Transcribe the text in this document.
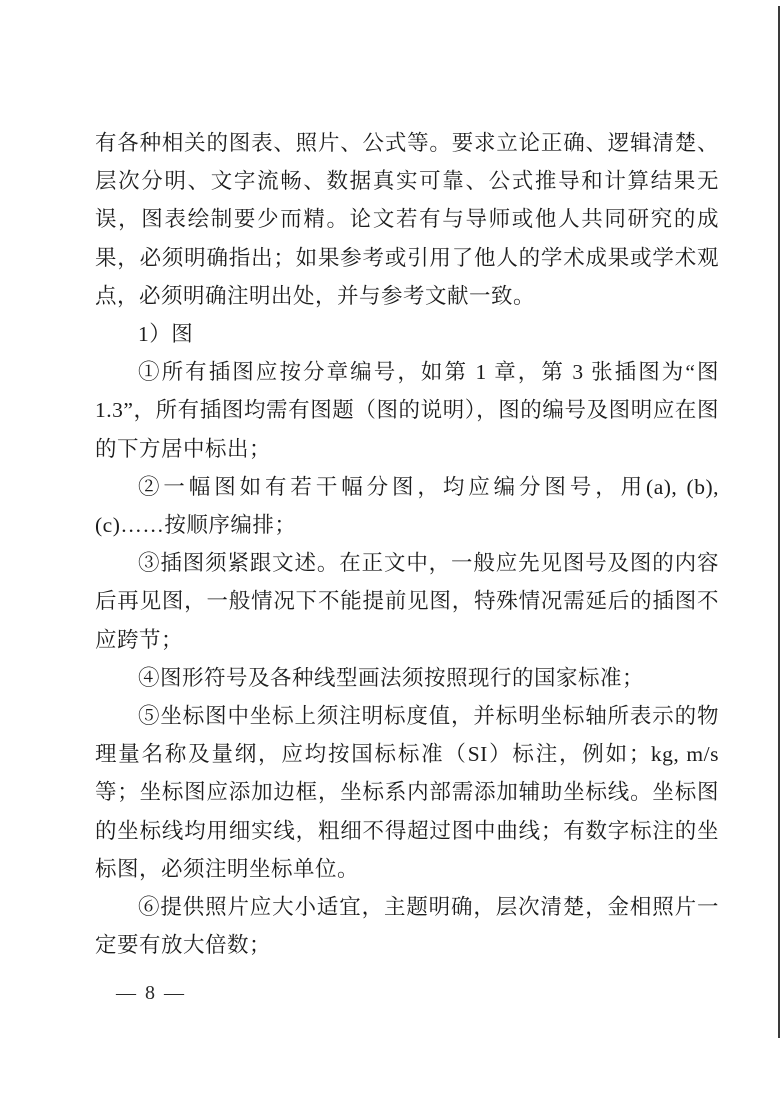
有各种相关的图表、照片、公式等。要求立论正确、逻辑清楚、层次分明、文字流畅、数据真实可靠、公式推导和计算结果无误，图表绘制要少而精。论文若有与导师或他人共同研究的成果，必须明确指出；如果参考或引用了他人的学术成果或学术观点，必须明确注明出处，并与参考文献一致。

1）图

①所有插图应按分章编号，如第 1 章，第 3 张插图为“图1.3”，所有插图均需有图题（图的说明），图的编号及图明应在图的下方居中标出；

②一幅图如有若干幅分图，均应编分图号，用(a), (b), (c)……按顺序编排；

③插图须紧跟文述。在正文中，一般应先见图号及图的内容后再见图，一般情况下不能提前见图，特殊情况需延后的插图不应跨节；

④图形符号及各种线型画法须按照现行的国家标准；

⑤坐标图中坐标上须注明标度值，并标明坐标轴所表示的物理量名称及量纲，应均按国标标准（SI）标注，例如；kg, m/s 等；坐标图应添加边框，坐标系内部需添加辅助坐标线。坐标图的坐标线均用细实线，粗细不得超过图中曲线；有数字标注的坐标图，必须注明坐标单位。

⑥提供照片应大小适宜，主题明确，层次清楚，金相照片一定要有放大倍数；

— 8 —
